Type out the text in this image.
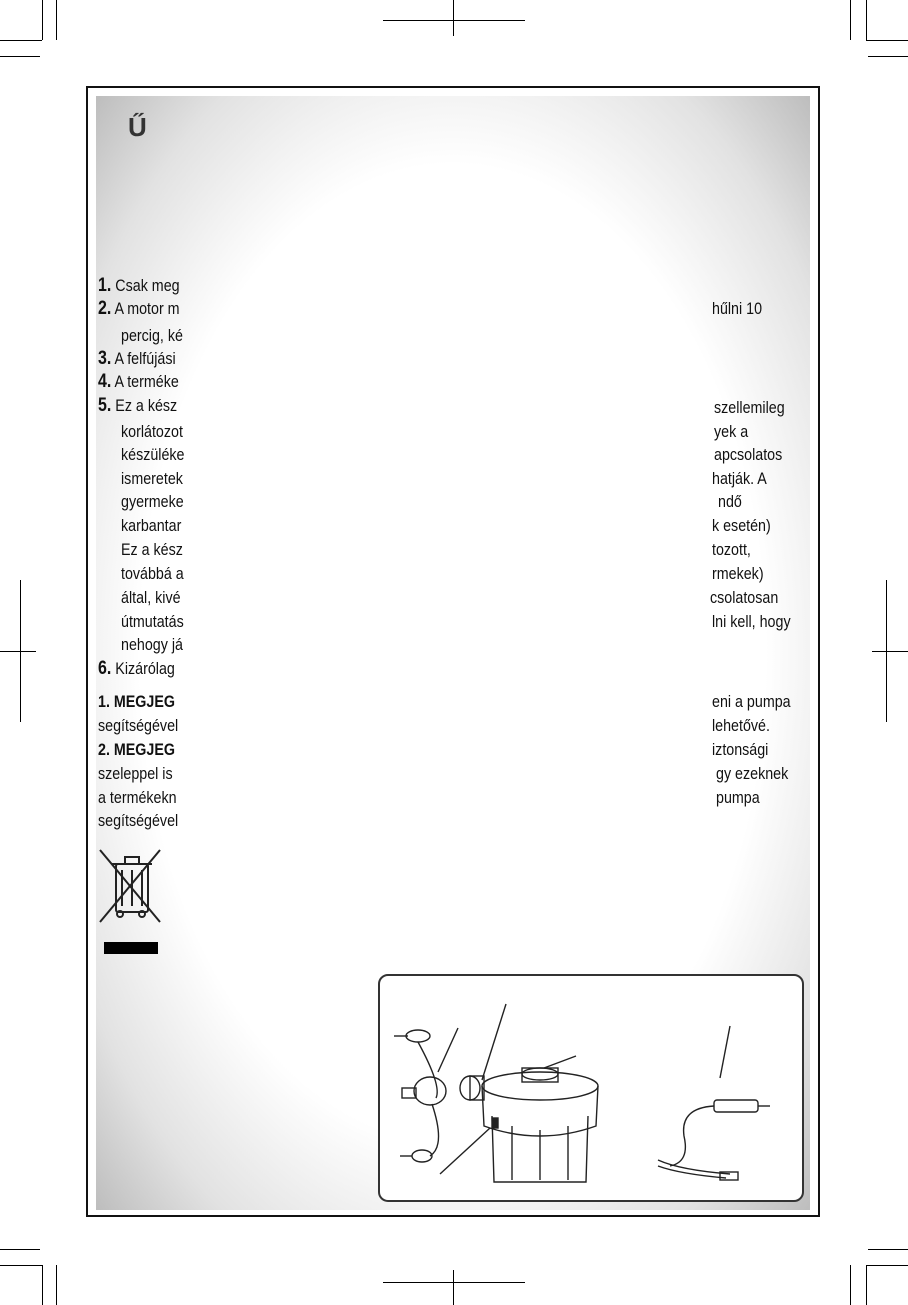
Ű
1. Csak meg
2. A motor m	hűlni 10
percig, ké
3. A felfújási
4. A terméke
5. Ez a kész	szellemileg
korlátozot	yek a
készüléke	apcsolatos
ismeretek	hatják. A
gyermeke	ndő
karbantar	k esetén)
Ez a kész	tozott,
továbbá a	rmekek)
által, kivé	csolatosan
útmutatás	lni kell, hogy
nehogy já
6. Kizárólag
1. MEGJEG	eni a pumpa
segítségével	lehetővé.
2. MEGJEG	iztonsági
szeleppel is	gy ezeknek
a termékekn	pumpa
segítségével
